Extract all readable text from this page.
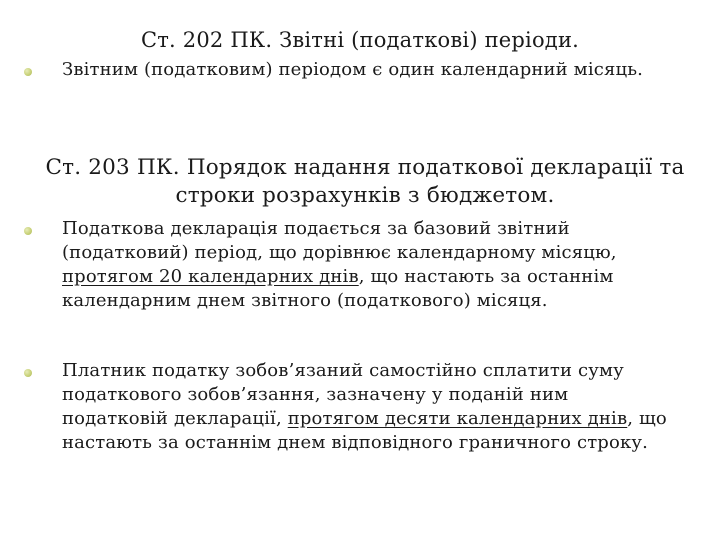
Ст. 202 ПК. Звітні (податкові) періоди.
Звітним (податковим) періодом є один календарний місяць.
Ст. 203 ПК. Порядок надання податкової декларації та строки розрахунків з бюджетом.
Податкова декларація подається за базовий звітний (податковий) період, що дорівнює календарному місяцю, протягом 20 календарних днів, що настають за останнім календарним днем звітного (податкового) місяця.
Платник податку зобов’язаний самостійно сплатити суму податкового зобов’язання, зазначену у поданій ним податковій декларації, протягом десяти календарних днів, що настають за останнім днем відповідного граничного строку.
